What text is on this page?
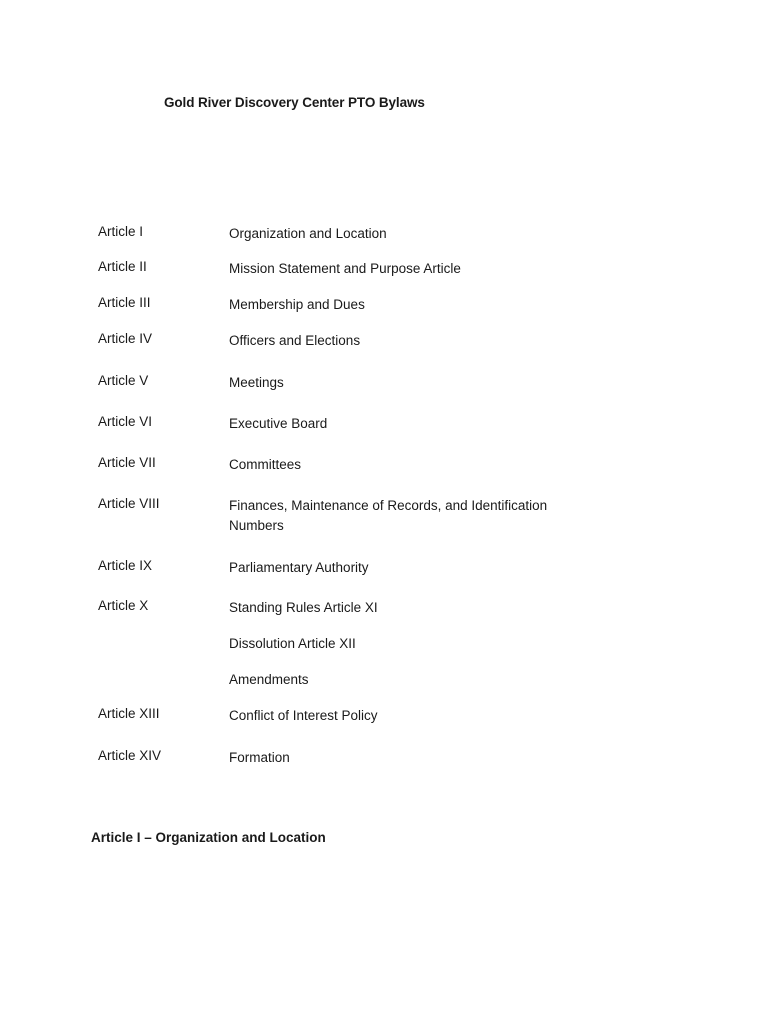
Gold River Discovery Center PTO Bylaws
Article I	Organization and Location
Article II	Mission Statement and Purpose Article
Article III	Membership and Dues
Article IV	Officers and Elections
Article V	Meetings
Article VI	Executive Board
Article VII	Committees
Article VIII	Finances, Maintenance of Records, and Identification Numbers
Article IX	Parliamentary Authority
Article X	Standing Rules Article XI
Dissolution Article XII
Amendments
Article XIII	Conflict of Interest Policy
Article XIV	Formation
Article I – Organization and Location
